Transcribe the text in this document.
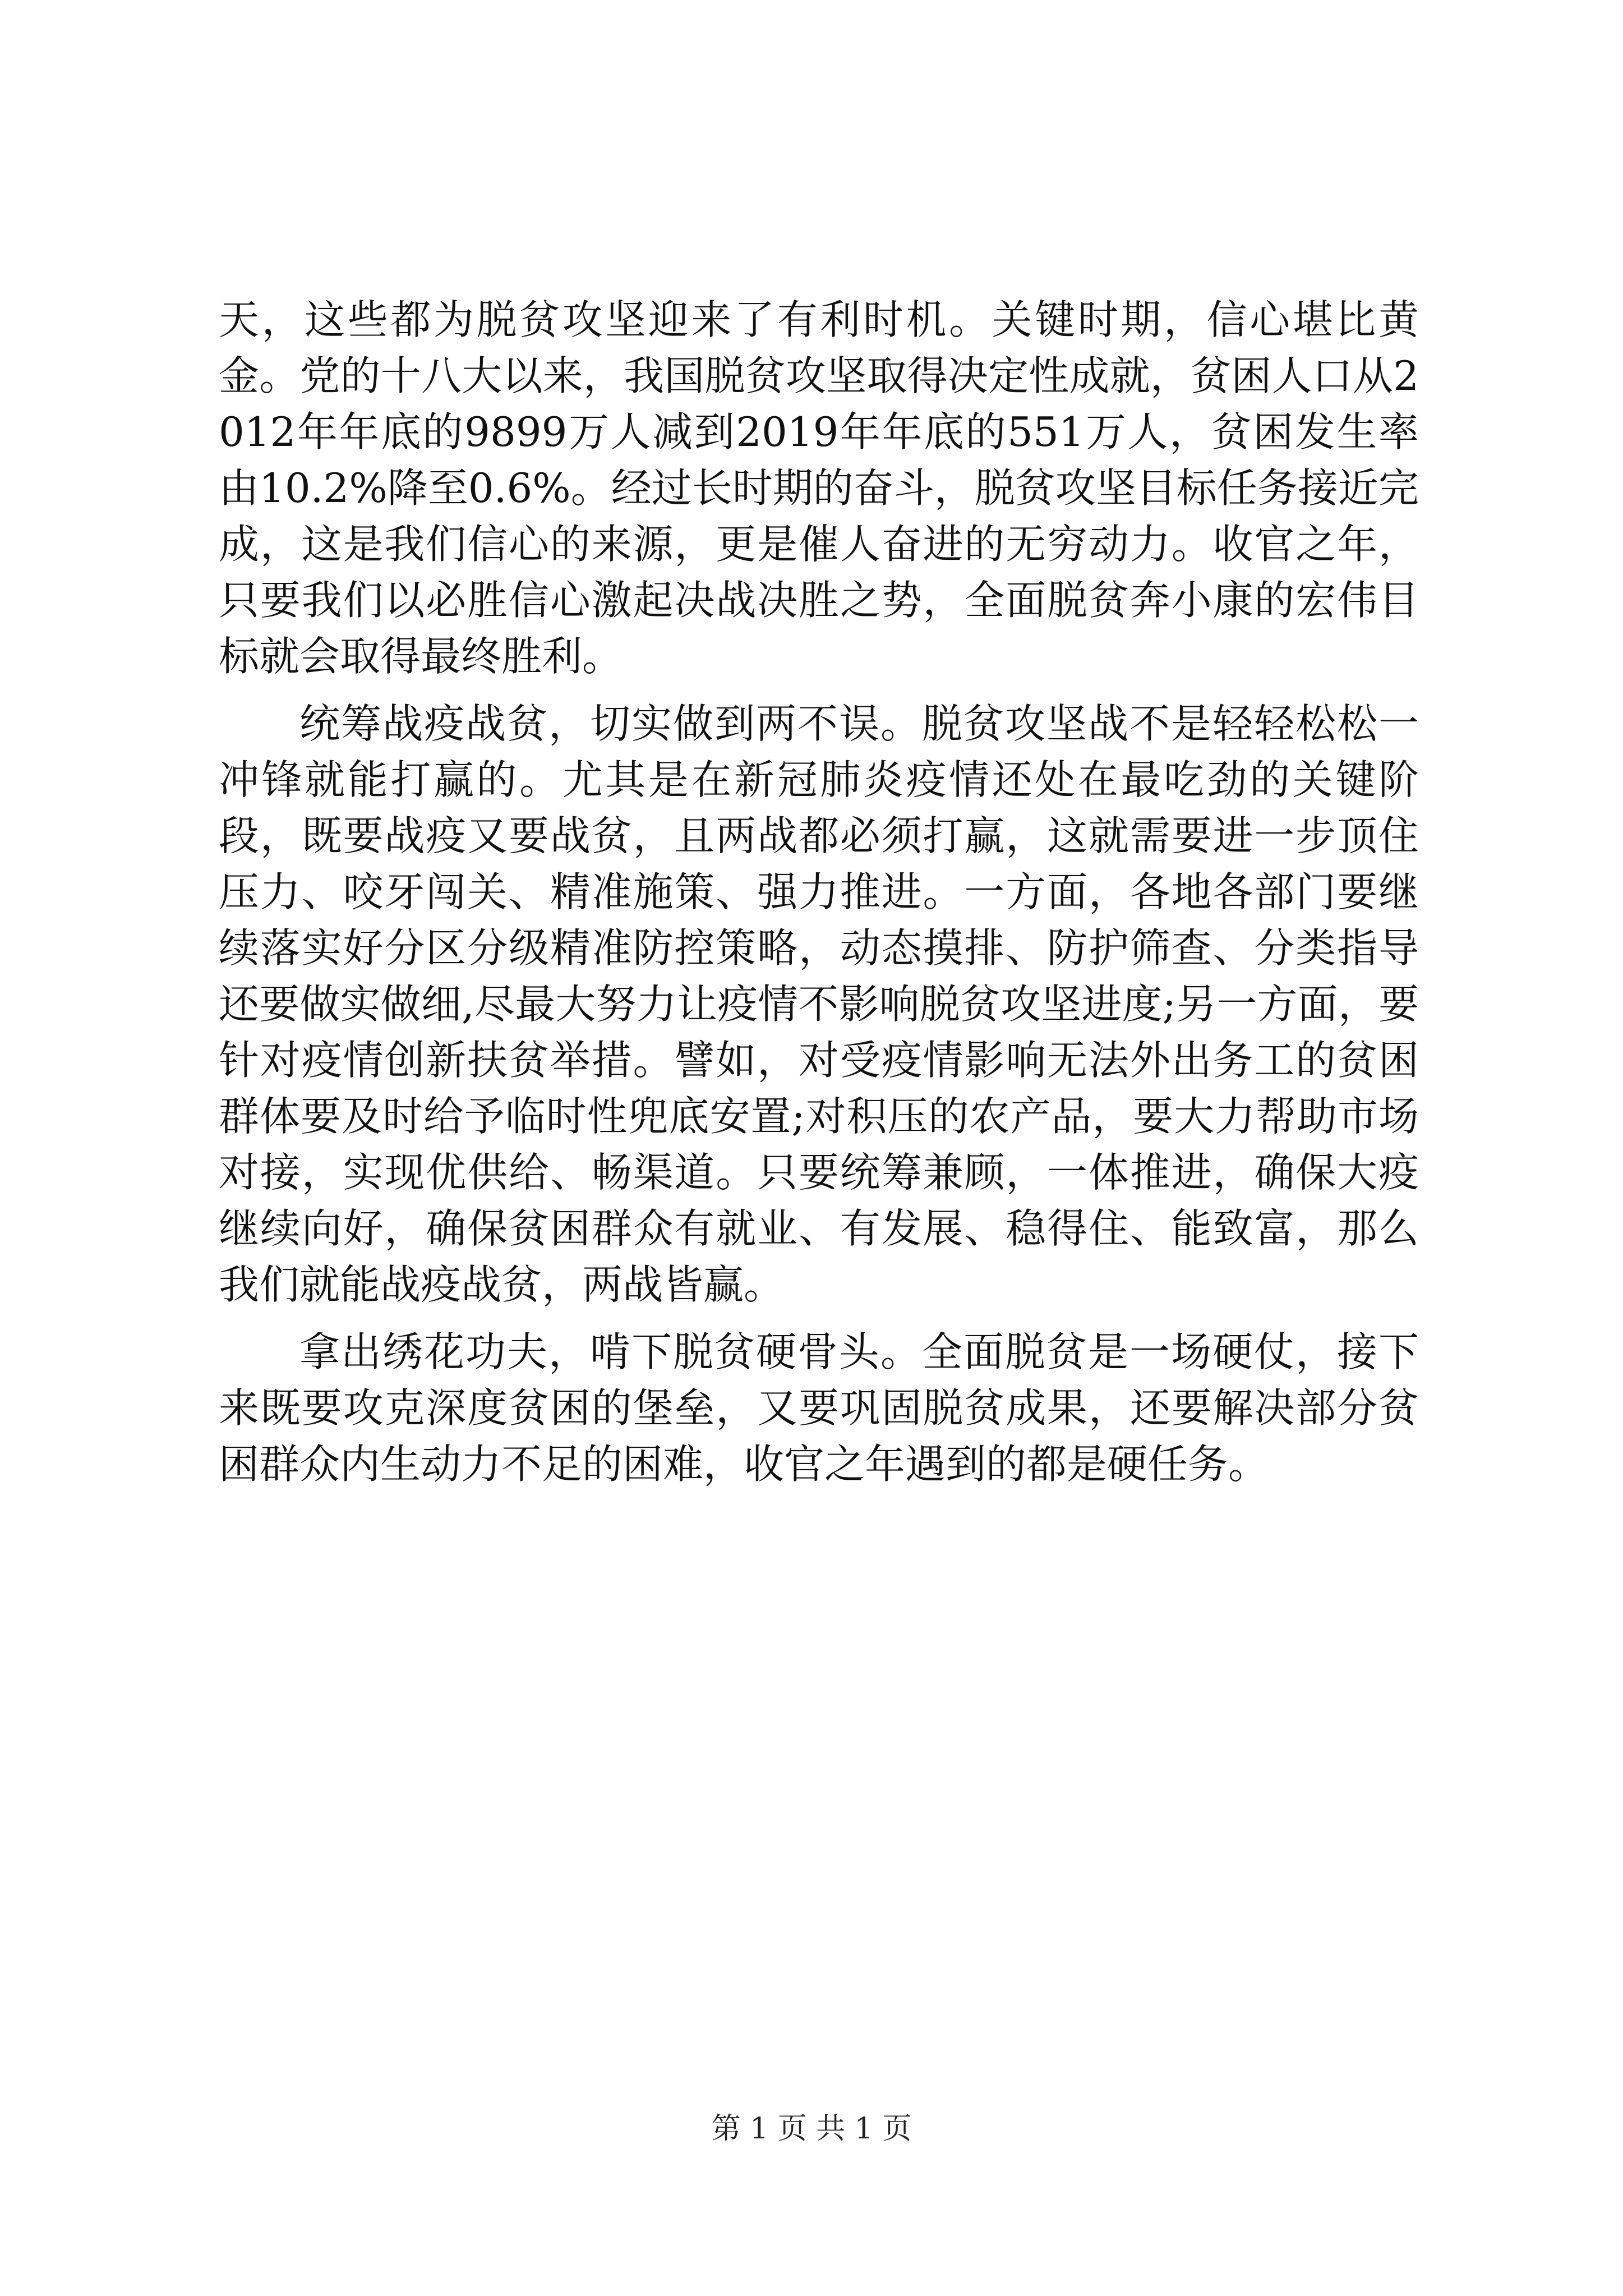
天，这些都为脱贫攻坚迎来了有利时机。关键时期，信心堪比黄金。党的十八大以来，我国脱贫攻坚取得决定性成就，贫困人口从2012年年底的9899万人减到2019年年底的551万人，贫困发生率由10.2%降至0.6%。经过长时期的奋斗，脱贫攻坚目标任务接近完成，这是我们信心的来源，更是催人奋进的无穷动力。收官之年，只要我们以必胜信心激起决战决胜之势，全面脱贫奔小康的宏伟目标就会取得最终胜利。

统筹战疫战贫，切实做到两不误。脱贫攻坚战不是轻轻松松一冲锋就能打赢的。尤其是在新冠肺炎疫情还处在最吃劲的关键阶段，既要战疫又要战贫，且两战都必须打赢，这就需要进一步顶住压力、咬牙闯关、精准施策、强力推进。一方面，各地各部门要继续落实好分区分级精准防控策略，动态摸排、防护筛查、分类指导还要做实做细,尽最大努力让疫情不影响脱贫攻坚进度;另一方面，要针对疫情创新扶贫举措。譬如，对受疫情影响无法外出务工的贫困群体要及时给予临时性兜底安置;对积压的农产品，要大力帮助市场对接，实现优供给、畅渠道。只要统筹兼顾，一体推进，确保大疫继续向好，确保贫困群众有就业、有发展、稳得住、能致富，那么我们就能战疫战贫，两战皆赢。

拿出绣花功夫，啃下脱贫硬骨头。全面脱贫是一场硬仗，接下来既要攻克深度贫困的堡垒，又要巩固脱贫成果，还要解决部分贫困群众内生动力不足的困难，收官之年遇到的都是硬任务。

第 1 页 共 1 页
